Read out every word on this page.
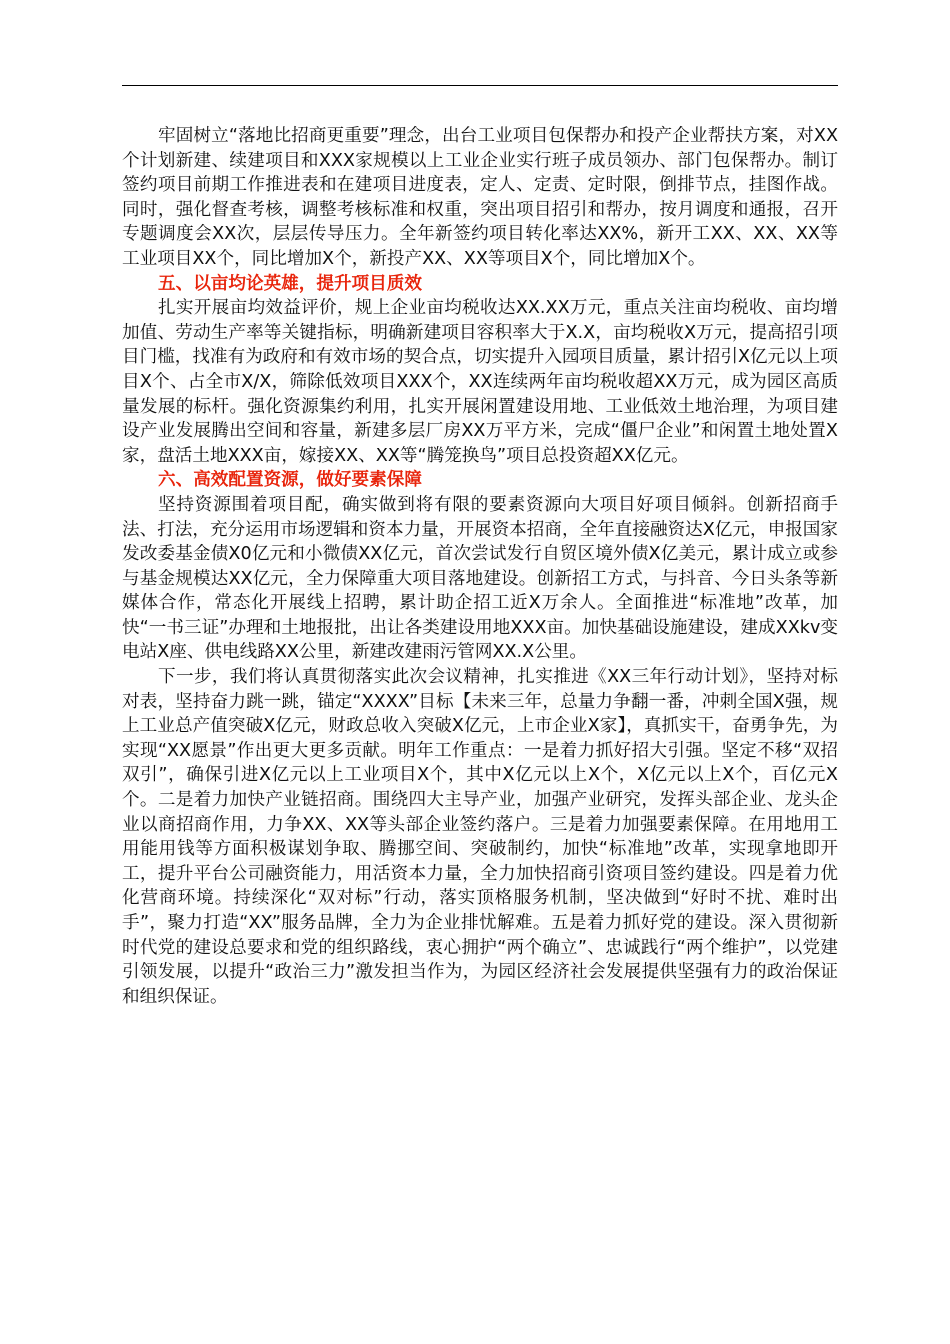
牢固树立“落地比招商更重要”理念，出台工业项目包保帮办和投产企业帮扶方案，对XX个计划新建、续建项目和XXX家规模以上工业企业实行班子成员领办、部门包保帮办。制订签约项目前期工作推进表和在建项目进度表，定人、定责、定时限，倒排节点，挂图作战。同时，强化督查考核，调整考核标准和权重，突出项目招引和帮办，按月调度和通报，召开专题调度会XX次，层层传导压力。全年新签约项目转化率达XX%，新开工XX、XX、XX等工业项目XX个，同比增加X个，新投产XX、XX等项目X个，同比增加X个。

五、以亩均论英雄，提升项目质效

扎实开展亩均效益评价，规上企业亩均税收达XX.XX万元，重点关注亩均税收、亩均增加值、劳动生产率等关键指标，明确新建项目容积率大于X.X，亩均税收X万元，提高招引项目门槛，找准有为政府和有效市场的契合点，切实提升入园项目质量，累计招引X亿元以上项目X个、占全市X/X，筛除低效项目XXX个，XX连续两年亩均税收超XX万元，成为园区高质量发展的标杆。强化资源集约利用，扎实开展闲置建设用地、工业低效土地治理，为项目建设产业发展腾出空间和容量，新建多层厂房XX万平方米，完成“僵尸企业”和闲置土地处置X家，盘活土地XXX亩，嫁接XX、XX等“腾笼换鸟”项目总投资超XX亿元。

六、高效配置资源，做好要素保障

坚持资源围着项目配，确实做到将有限的要素资源向大项目好项目倾斜。创新招商手法、打法，充分运用市场逻辑和资本力量，开展资本招商，全年直接融资达X亿元，申报国家发改委基金债X0亿元和小微债XX亿元，首次尝试发行自贸区境外债X亿美元，累计成立或参与基金规模达XX亿元，全力保障重大项目落地建设。创新招工方式，与抖音、今日头条等新媒体合作，常态化开展线上招聘，累计助企招工近X万余人。全面推进“标准地”改革，加快“一书三证”办理和土地报批，出让各类建设用地XXX亩。加快基础设施建设，建成XXkv变电站X座、供电线路XX公里，新建改建雨污管网XX.X公里。

下一步，我们将认真贯彻落实此次会议精神，扎实推进《XX三年行动计划》，坚持对标对表，坚持奋力跳一跳，锚定“XXXX”目标【未来三年，总量力争翻一番，冲刺全国X强，规上工业总产值突破X亿元，财政总收入突破X亿元，上市企业X家】，真抓实干，奋勇争先，为实现“XX愿景”作出更大更多贡献。明年工作重点：一是着力抓好招大引强。坚定不移“双招双引”，确保引进X亿元以上工业项目X个，其中X亿元以上X个，X亿元以上X个，百亿元X个。二是着力加快产业链招商。围绕四大主导产业，加强产业研究，发挥头部企业、龙头企业以商招商作用，力争XX、XX等头部企业签约落户。三是着力加强要素保障。在用地用工用能用钱等方面积极谋划争取、腾挪空间、突破制约，加快“标准地”改革，实现拿地即开工，提升平台公司融资能力，用活资本力量，全力加快招商引资项目签约建设。四是着力优化营商环境。持续深化“双对标”行动，落实顶格服务机制，坚决做到“好时不扰、难时出手”，聚力打造“XX”服务品牌，全力为企业排忧解难。五是着力抓好党的建设。深入贯彻新时代党的建设总要求和党的组织路线，衷心拥护“两个确立”、忠诚践行“两个维护”，以党建引领发展，以提升“政治三力”激发担当作为，为园区经济社会发展提供坚强有力的政治保证和组织保证。
